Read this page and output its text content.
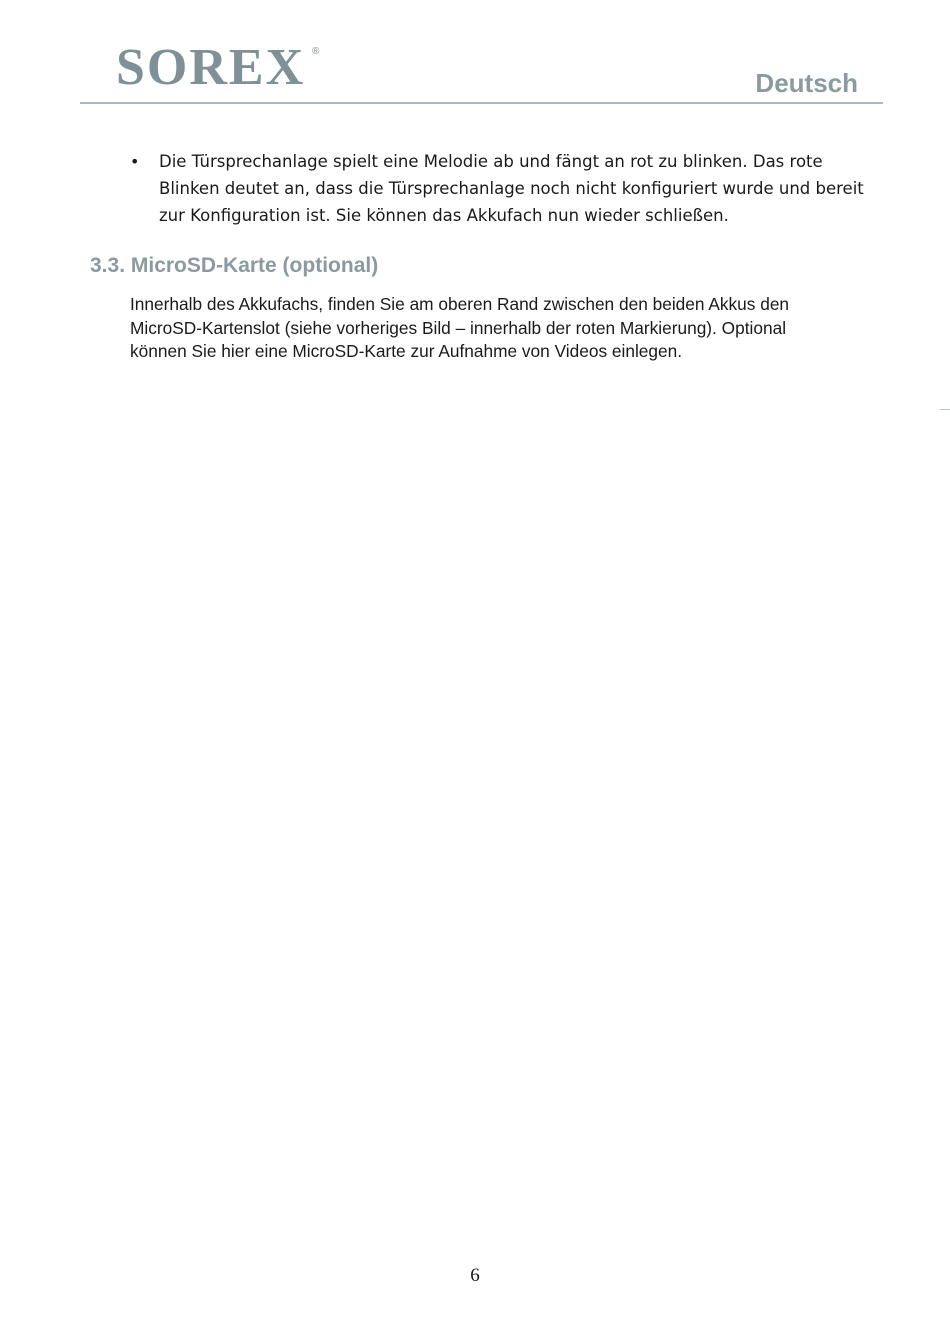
SOREX ®
Deutsch
• Die Türsprechanlage spielt eine Melodie ab und fängt an rot zu blinken. Das rote Blinken deutet an, dass die Türsprechanlage noch nicht konfiguriert wurde und bereit zur Konfiguration ist. Sie können das Akkufach nun wieder schließen.
3.3. MicroSD-Karte (optional)

Innerhalb des Akkufachs, finden Sie am oberen Rand zwischen den beiden Akkus den MicroSD-Kartenslot (siehe vorheriges Bild – innerhalb der roten Markierung). Optional können Sie hier eine MicroSD-Karte zur Aufnahme von Videos einlegen.

6
